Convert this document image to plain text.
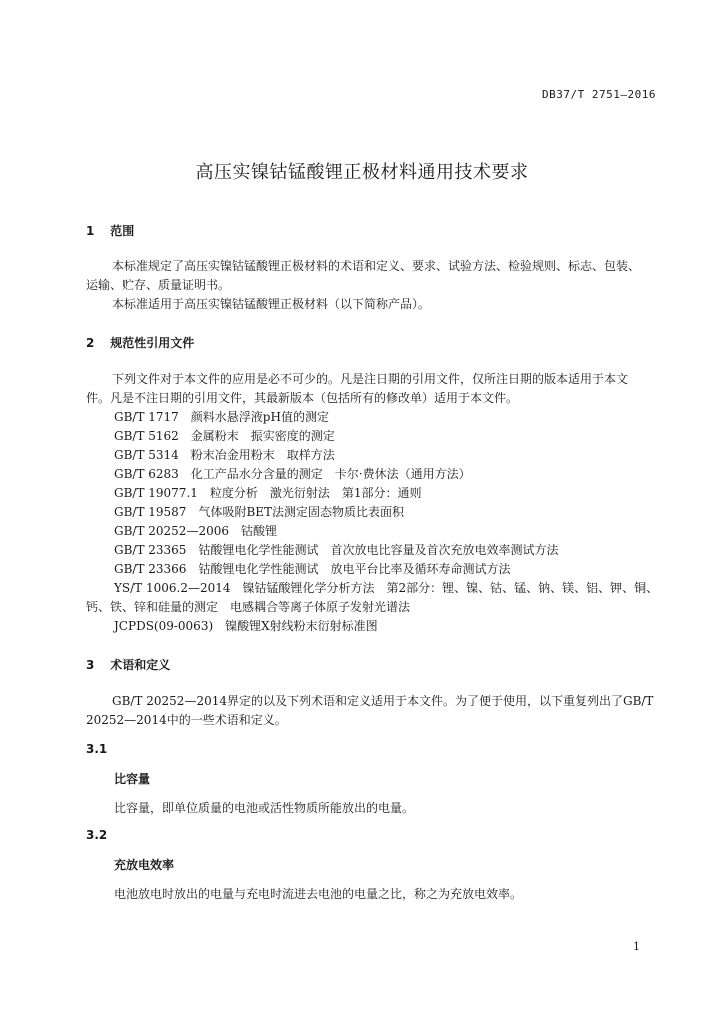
DB37/T 2751—2016
高压实镍钴锰酸锂正极材料通用技术要求
1 范围

本标准规定了高压实镍钴锰酸锂正极材料的术语和定义、要求、试验方法、检验规则、标志、包装、

运输、贮存、质量证明书。

本标准适用于高压实镍钴锰酸锂正极材料（以下简称产品）。

2 规范性引用文件

下列文件对于本文件的应用是必不可少的。凡是注日期的引用文件，仅所注日期的版本适用于本文

件。凡是不注日期的引用文件，其最新版本（包括所有的修改单）适用于本文件。

GB/T 1717　颜料水悬浮液pH值的测定
GB/T 5162　金属粉末　振实密度的测定
GB/T 5314　粉末冶金用粉末　取样方法
GB/T 6283　化工产品水分含量的测定　卡尔·费休法（通用方法）
GB/T 19077.1　粒度分析　激光衍射法　第1部分：通则
GB/T 19587　气体吸附BET法测定固态物质比表面积
GB/T 20252—2006　钴酸锂
GB/T 23365　钴酸锂电化学性能测试　首次放电比容量及首次充放电效率测试方法
GB/T 23366　钴酸锂电化学性能测试　放电平台比率及循环寿命测试方法
YS/T 1006.2—2014　镍钴锰酸锂化学分析方法　第2部分：锂、镍、钴、锰、钠、镁、铝、钾、铜、
钙、铁、锌和硅量的测定　电感耦合等离子体原子发射光谱法
JCPDS(09-0063)　镍酸锂X射线粉末衍射标准图
3 术语和定义

GB/T 20252—2014界定的以及下列术语和定义适用于本文件。为了便于使用，以下重复列出了GB/T

20252—2014中的一些术语和定义。

3.1
比容量
比容量，即单位质量的电池或活性物质所能放出的电量。
3.2
充放电效率
电池放电时放出的电量与充电时流进去电池的电量之比，称之为充放电效率。
1
